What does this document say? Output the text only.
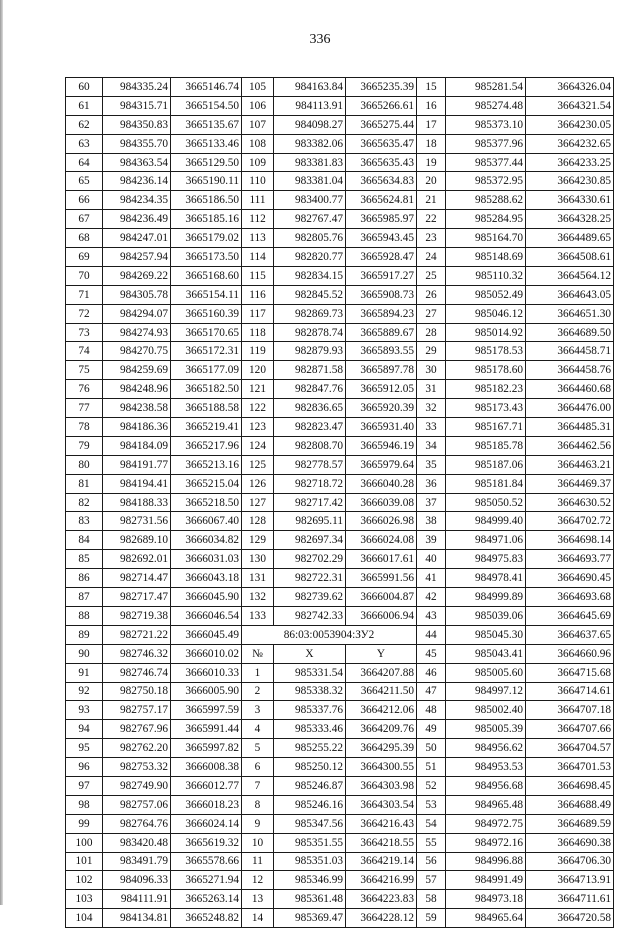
336
60	984335.24	3665146.74	105	984163.84	3665235.39	15	985281.54	3664326.04
61	984315.71	3665154.50	106	984113.91	3665266.61	16	985274.48	3664321.54
62	984350.83	3665135.67	107	984098.27	3665275.44	17	985373.10	3664230.05
63	984355.70	3665133.46	108	983382.06	3665635.47	18	985377.96	3664232.65
64	984363.54	3665129.50	109	983381.83	3665635.43	19	985377.44	3664233.25
65	984236.14	3665190.11	110	983381.04	3665634.83	20	985372.95	3664230.85
66	984234.35	3665186.50	111	983400.77	3665624.81	21	985288.62	3664330.61
67	984236.49	3665185.16	112	982767.47	3665985.97	22	985284.95	3664328.25
68	984247.01	3665179.02	113	982805.76	3665943.45	23	985164.70	3664489.65
69	984257.94	3665173.50	114	982820.77	3665928.47	24	985148.69	3664508.61
70	984269.22	3665168.60	115	982834.15	3665917.27	25	985110.32	3664564.12
71	984305.78	3665154.11	116	982845.52	3665908.73	26	985052.49	3664643.05
72	984294.07	3665160.39	117	982869.73	3665894.23	27	985046.12	3664651.30
73	984274.93	3665170.65	118	982878.74	3665889.67	28	985014.92	3664689.50
74	984270.75	3665172.31	119	982879.93	3665893.55	29	985178.53	3664458.71
75	984259.69	3665177.09	120	982871.58	3665897.78	30	985178.60	3664458.76
76	984248.96	3665182.50	121	982847.76	3665912.05	31	985182.23	3664460.68
77	984238.58	3665188.58	122	982836.65	3665920.39	32	985173.43	3664476.00
78	984186.36	3665219.41	123	982823.47	3665931.40	33	985167.71	3664485.31
79	984184.09	3665217.96	124	982808.70	3665946.19	34	985185.78	3664462.56
80	984191.77	3665213.16	125	982778.57	3665979.64	35	985187.06	3664463.21
81	984194.41	3665215.04	126	982718.72	3666040.28	36	985181.84	3664469.37
82	984188.33	3665218.50	127	982717.42	3666039.08	37	985050.52	3664630.52
83	982731.56	3666067.40	128	982695.11	3666026.98	38	984999.40	3664702.72
84	982689.10	3666034.82	129	982697.34	3666024.08	39	984971.06	3664698.14
85	982692.01	3666031.03	130	982702.29	3666017.61	40	984975.83	3664693.77
86	982714.47	3666043.18	131	982722.31	3665991.56	41	984978.41	3664690.45
87	982717.47	3666045.90	132	982739.62	3666004.87	42	984999.89	3664693.68
88	982719.38	3666046.54	133	982742.33	3666006.94	43	985039.06	3664645.69
89	982721.22	3666045.49	86:03:0053904:ЗУ2			44	985045.30	3664637.65
90	982746.32	3666010.02	№	X	Y	45	985043.41	3664660.96
91	982746.74	3666010.33	1	985331.54	3664207.88	46	985005.60	3664715.68
92	982750.18	3666005.90	2	985338.32	3664211.50	47	984997.12	3664714.61
93	982757.17	3665997.59	3	985337.76	3664212.06	48	985002.40	3664707.18
94	982767.96	3665991.44	4	985333.46	3664209.76	49	985005.39	3664707.66
95	982762.20	3665997.82	5	985255.22	3664295.39	50	984956.62	3664704.57
96	982753.32	3666008.38	6	985250.12	3664300.55	51	984953.53	3664701.53
97	982749.90	3666012.77	7	985246.87	3664303.98	52	984956.68	3664698.45
98	982757.06	3666018.23	8	985246.16	3664303.54	53	984965.48	3664688.49
99	982764.76	3666024.14	9	985347.56	3664216.43	54	984972.75	3664689.59
100	983420.48	3665619.32	10	985351.55	3664218.55	55	984972.16	3664690.38
101	983491.79	3665578.66	11	985351.03	3664219.14	56	984996.88	3664706.30
102	984096.33	3665271.94	12	985346.99	3664216.99	57	984991.49	3664713.91
103	984111.91	3665263.14	13	985361.48	3664223.83	58	984973.18	3664711.61
104	984134.81	3665248.82	14	985369.47	3664228.12	59	984965.64	3664720.58
